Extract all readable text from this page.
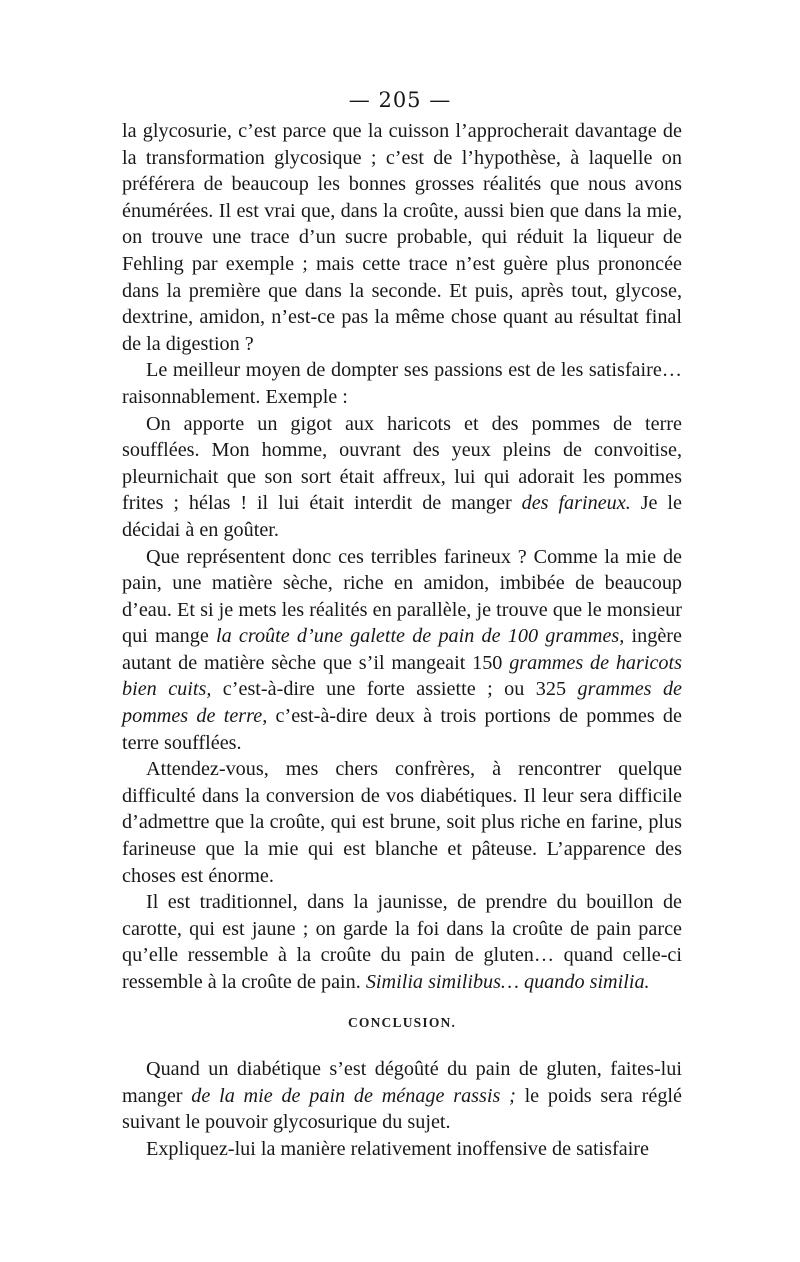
— 205 —

la glycosurie, c’est parce que la cuisson l’approcherait davantage de la transformation glycosique ; c’est de l’hypothèse, à laquelle on préférera de beaucoup les bonnes grosses réalités que nous avons énumérées. Il est vrai que, dans la croûte, aussi bien que dans la mie, on trouve une trace d’un sucre probable, qui réduit la liqueur de Fehling par exemple ; mais cette trace n’est guère plus prononcée dans la première que dans la seconde. Et puis, après tout, glycose, dextrine, amidon, n’est-ce pas la même chose quant au résultat final de la digestion ?

Le meilleur moyen de dompter ses passions est de les satisfaire… raisonnablement. Exemple :

On apporte un gigot aux haricots et des pommes de terre soufflées. Mon homme, ouvrant des yeux pleins de convoitise, pleurnichait que son sort était affreux, lui qui adorait les pommes frites ; hélas ! il lui était interdit de manger des farineux. Je le décidai à en goûter.

Que représentent donc ces terribles farineux ? Comme la mie de pain, une matière sèche, riche en amidon, imbibée de beaucoup d’eau. Et si je mets les réalités en parallèle, je trouve que le monsieur qui mange la croûte d’une galette de pain de 100 grammes, ingère autant de matière sèche que s’il mangeait 150 grammes de haricots bien cuits, c’est-à-dire une forte assiette ; ou 325 grammes de pommes de terre, c’est-à-dire deux à trois portions de pommes de terre soufflées.

Attendez-vous, mes chers confrères, à rencontrer quelque difficulté dans la conversion de vos diabétiques. Il leur sera difficile d’admettre que la croûte, qui est brune, soit plus riche en farine, plus farineuse que la mie qui est blanche et pâteuse. L’apparence des choses est énorme.

Il est traditionnel, dans la jaunisse, de prendre du bouillon de carotte, qui est jaune ; on garde la foi dans la croûte de pain parce qu’elle ressemble à la croûte du pain de gluten… quand celle-ci ressemble à la croûte de pain. Similia similibus… quando similia.

CONCLUSION.

Quand un diabétique s’est dégoûté du pain de gluten, faites-lui manger de la mie de pain de ménage rassis ; le poids sera réglé suivant le pouvoir glycosurique du sujet.

Expliquez-lui la manière relativement inoffensive de satisfaire
